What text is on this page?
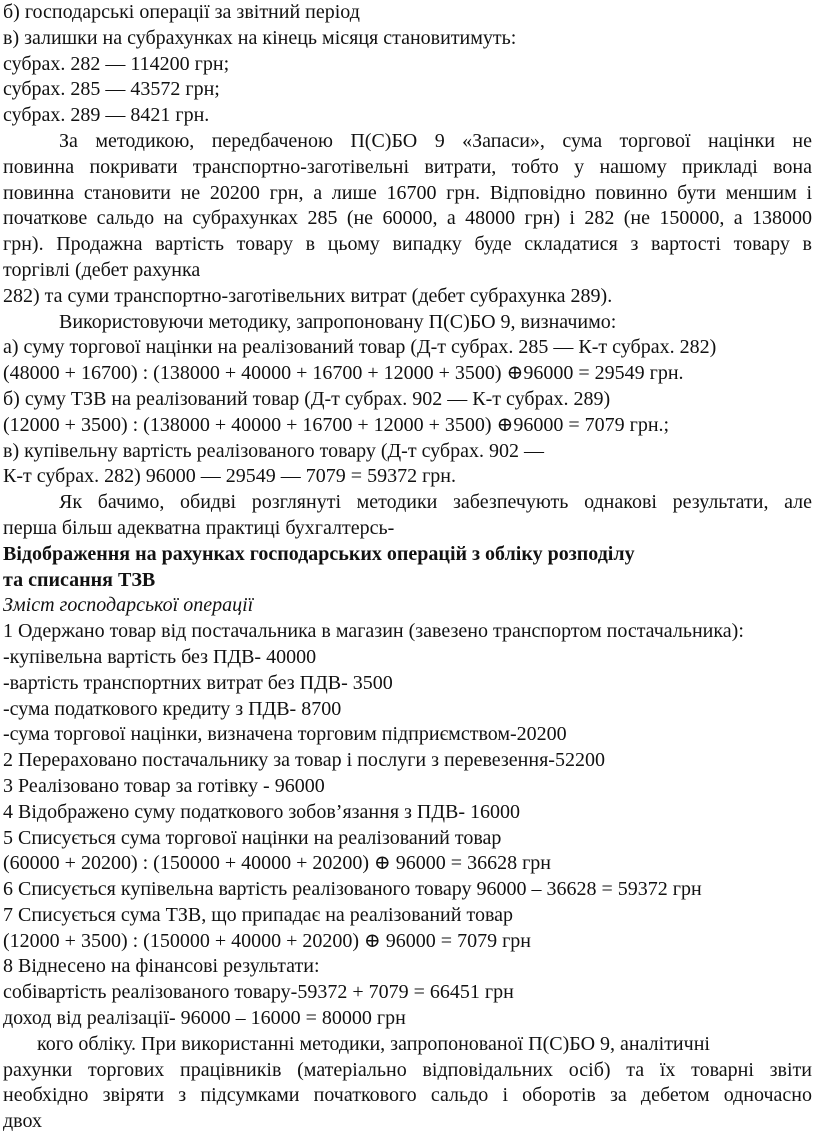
б) господарські операції за звітний період
в) залишки на субрахунках на кінець місяця становитимуть:
субрах. 282 — 114200 грн;
субрах. 285 — 43572 грн;
субрах. 289 — 8421 грн.
За методикою, передбаченою П(С)БО 9 «Запаси», сума торгової націнки не
повинна покривати транспортно-заготівельні витрати, тобто у нашому прикладі вона
повинна становити не 20200 грн, а лише 16700 грн. Відповідно повинно бути меншим і
початкове сальдо на субрахунках 285 (не 60000, а 48000 грн) і 282 (не 150000, а 138000
грн). Продажна вартість товару в цьому випадку буде складатися з вартості товару в
торгівлі (дебет рахунка
282) та суми транспортно-заготівельних витрат (дебет субрахунка 289).
Використовуючи методику, запропоновану П(С)БО 9, визначимо:
а) суму торгової націнки на реалізований товар (Д-т субрах. 285 — К-т субрах. 282)
(48000 + 16700) : (138000 + 40000 + 16700 + 12000 + 3500) ⊕96000 = 29549 грн.
б) суму ТЗВ на реалізований товар (Д-т субрах. 902 — К-т субрах. 289)
(12000 + 3500) : (138000 + 40000 + 16700 + 12000 + 3500) ⊕96000 = 7079 грн.;
в) купівельну вартість реалізованого товару (Д-т субрах. 902 —
К-т субрах. 282) 96000 — 29549 — 7079 = 59372 грн.
Як бачимо, обидві розглянуті методики забезпечують однакові результати, але
перша більш адекватна практиці бухгалтерсь-
Відображення на рахунках господарських операцій з обліку розподілу
та списання ТЗВ
Зміст господарської операції
1 Одержано товар від постачальника в магазин (завезено транспортом постачальника):
-купівельна вартість без ПДВ- 40000
-вартість транспортних витрат без ПДВ- 3500
-сума податкового кредиту з ПДВ- 8700
-сума торгової націнки, визначена торговим підприємством-20200
2 Перераховано постачальнику за товар і послуги з перевезення-52200
3 Реалізовано товар за готівку - 96000
4 Відображено суму податкового зобов’язання з ПДВ- 16000
5 Списується сума торгової націнки на реалізований товар
(60000 + 20200) : (150000 + 40000 + 20200) ⊕ 96000 = 36628 грн
6 Списується купівельна вартість реалізованого товару 96000 – 36628 = 59372 грн
7 Списується сума ТЗВ, що припадає на реалізований товар
(12000 + 3500) : (150000 + 40000 + 20200) ⊕ 96000 = 7079 грн
8 Віднесено на фінансові результати:
собівартість реалізованого товару-59372 + 7079 = 66451 грн
доход від реалізації- 96000 – 16000 = 80000 грн
кого обліку. При використанні методики, запропонованої П(С)БО 9, аналітичні
рахунки торгових працівників (матеріально відповідальних осіб) та їх товарні звіти
необхідно звіряти з підсумками початкового сальдо і оборотів за дебетом одночасно
двох
